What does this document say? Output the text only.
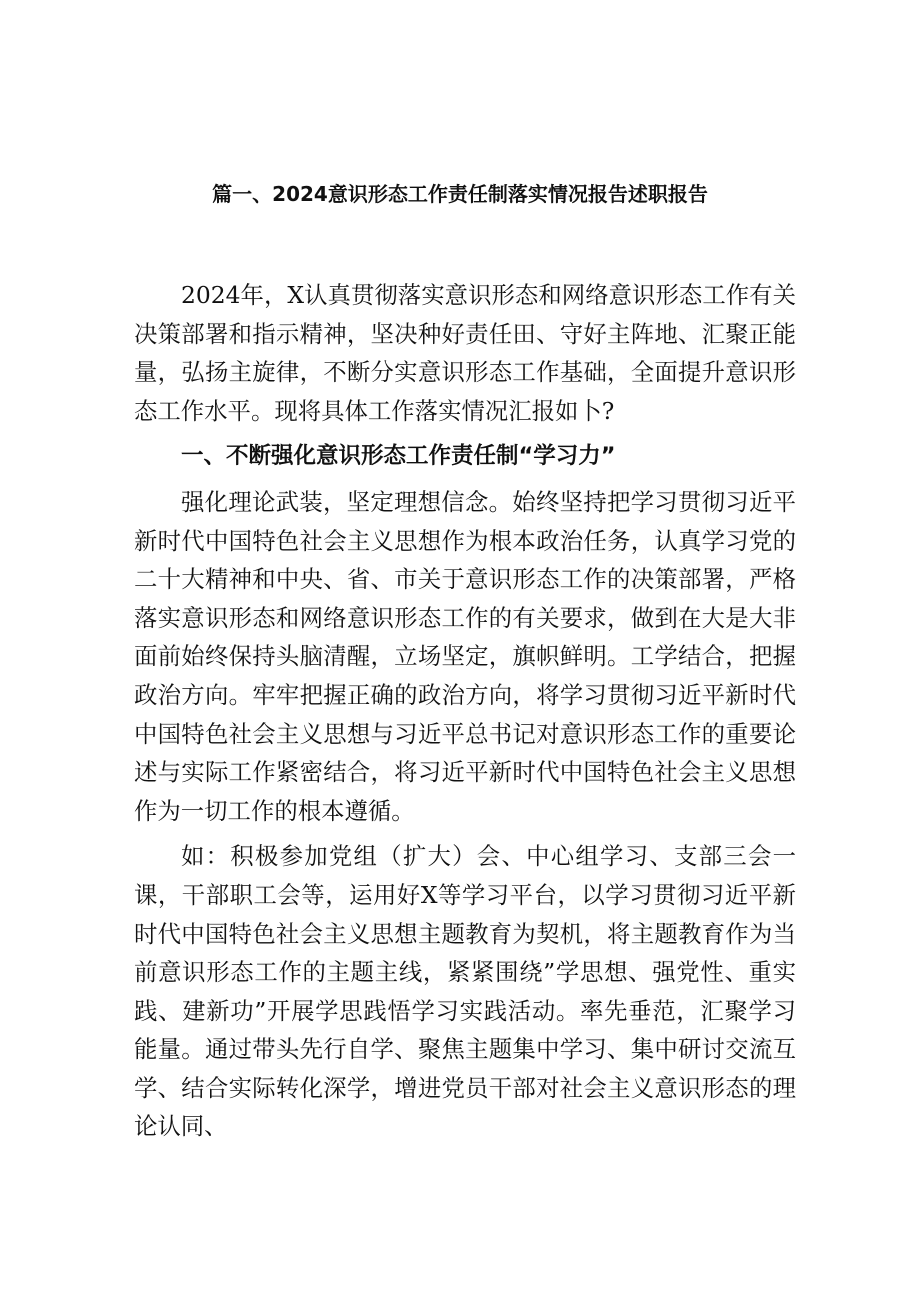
篇一、2024意识形态工作责任制落实情况报告述职报告

2024年，X认真贯彻落实意识形态和网络意识形态工作有关决策部署和指示精神，坚决种好责任田、守好主阵地、汇聚正能量，弘扬主旋律，不断分实意识形态工作基础，全面提升意识形态工作水平。现将具体工作落实情况汇报如卜?

一、不断强化意识形态工作责任制“学习力”

强化理论武装，坚定理想信念。始终坚持把学习贯彻习近平新时代中国特色社会主义思想作为根本政治任务，认真学习党的二十大精神和中央、省、市关于意识形态工作的决策部署，严格落实意识形态和网络意识形态工作的有关要求，做到在大是大非面前始终保持头脑清醒，立场坚定，旗帜鲜明。工学结合，把握政治方向。牢牢把握正确的政治方向，将学习贯彻习近平新时代中国特色社会主义思想与习近平总书记对意识形态工作的重要论述与实际工作紧密结合，将习近平新时代中国特色社会主义思想作为一切工作的根本遵循。

如：积极参加党组（扩大）会、中心组学习、支部三会一课，干部职工会等，运用好X等学习平台，以学习贯彻习近平新时代中国特色社会主义思想主题教育为契机，将主题教育作为当前意识形态工作的主题主线，紧紧围绕”学思想、强党性、重实践、建新功”开展学思践悟学习实践活动。率先垂范，汇聚学习能量。通过带头先行自学、聚焦主题集中学习、集中研讨交流互学、结合实际转化深学，增进党员干部对社会主义意识形态的理论认同、
